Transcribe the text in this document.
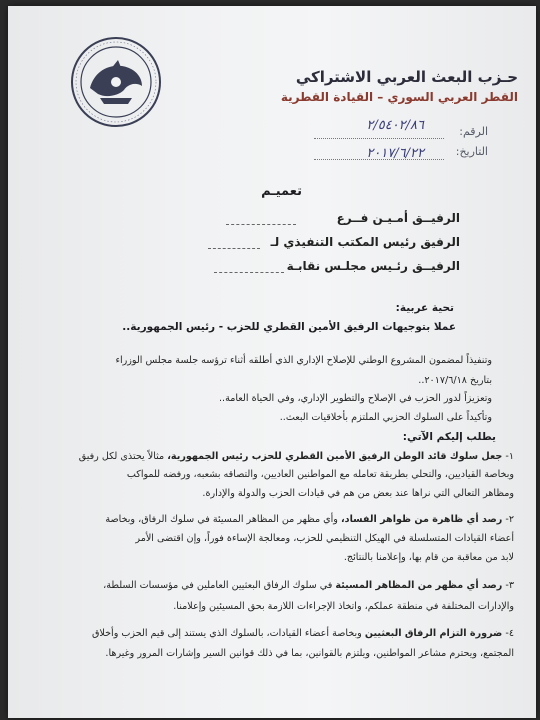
حـزب البعث العربي الاشتراكي
القطر العربي السوري – القيادة القطرية
الرقم:
٢/٥٤٠٢/٨٦
التاريخ:
٢٠١٧/٦/٢٢
تعميـم
الرفيــق أمـيـن فــرع
الرفيق رئيس المكتب التنفيذي لـ
الرفيــق رئـيس مجلـس نقابـة
تحية عربية:
عملا بتوجيهات الرفيق الأمين القطري للحزب - رئيس الجمهورية..
وتنفيذاً لمضمون المشروع الوطني للإصلاح الإداري الذي أطلقه أثناء ترؤسه جلسة مجلس الوزراء
بتاريخ ٢٠١٧/٦/١٨..
وتعزيزاً لدور الحزب في الإصلاح والتطوير الإداري، وفي الحياة العامة..
وتأكيداً على السلوك الحزبي الملتزم بأخلاقيات البعث..
يطلب إليكم الآتي:
١- جعل سلوك قائد الوطن الرفيق الأمين القطري للحزب رئيس الجمهورية، مثالاً يحتذى لكل رفيق
وبخاصة القياديين، والتحلي بطريقة تعامله مع المواطنين العاديين، والتصاقه بشعبه، ورفضه للمواكب
ومظاهر التعالي التي نراها عند بعض من هم في قيادات الحزب والدولة والإدارة.
٢- رصد أي ظاهرة من ظواهر الفساد، وأي مظهر من المظاهر المسيئة في سلوك الرفاق، وبخاصة
أعضاء القيادات المتسلسلة في الهيكل التنظيمي للحزب، ومعالجة الإساءة فوراً، وإن اقتضى الأمر
لابد من معاقبة من قام بها، وإعلامنا بالنتائج.
٣- رصد أي مظهر من المظاهر المسيئة في سلوك الرفاق البعثيين العاملين في مؤسسات السلطة،
والإدارات المختلفة في منطقة عملكم، واتخاذ الإجراءات اللازمة بحق المسيئين وإعلامنا.
٤- ضرورة التزام الرفاق البعثيين وبخاصة أعضاء القيادات، بالسلوك الذي يستند إلى قيم الحزب وأخلاق
المجتمع، ويحترم مشاعر المواطنين، ويلتزم بالقوانين، بما في ذلك قوانين السير وإشارات المرور وغيرها.
